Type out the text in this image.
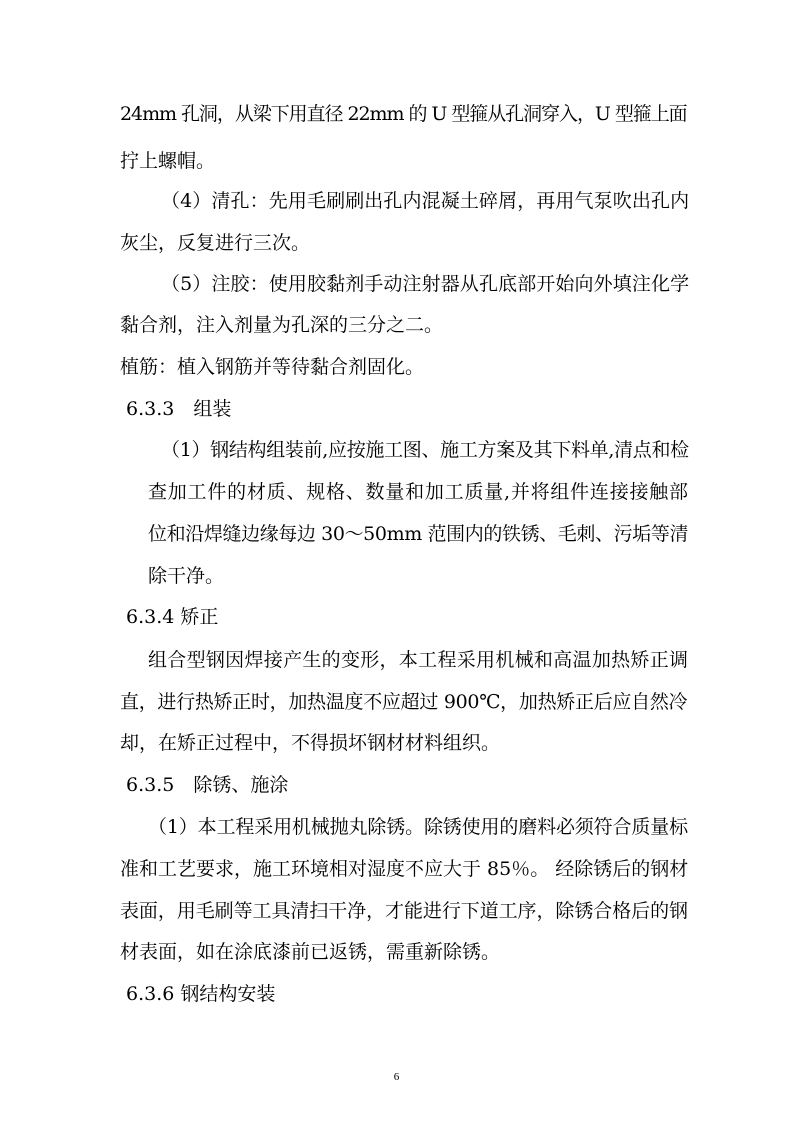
24mm 孔洞，从梁下用直径 22mm 的 U 型箍从孔洞穿入，U 型箍上面
拧上螺帽。
（4）清孔：先用毛刷刷出孔内混凝土碎屑，再用气泵吹出孔内
灰尘，反复进行三次。
（5）注胶：使用胶黏剂手动注射器从孔底部开始向外填注化学
黏合剂，注入剂量为孔深的三分之二。
植筋：植入钢筋并等待黏合剂固化。
6.3.3　组装
（1）钢结构组装前,应按施工图、施工方案及其下料单,清点和检
查加工件的材质、规格、数量和加工质量,并将组件连接接触部
位和沿焊缝边缘每边 30～50mm 范围内的铁锈、毛刺、污垢等清
除干净。
6.3.4 矫正
组合型钢因焊接产生的变形，本工程采用机械和高温加热矫正调
直，进行热矫正时，加热温度不应超过 900℃，加热矫正后应自然冷
却，在矫正过程中，不得损坏钢材材料组织。
6.3.5　除锈、施涂
（1）本工程采用机械抛丸除锈。除锈使用的磨料必须符合质量标
准和工艺要求，施工环境相对湿度不应大于 85％。 经除锈后的钢材
表面，用毛刷等工具清扫干净，才能进行下道工序，除锈合格后的钢
材表面，如在涂底漆前已返锈，需重新除锈。
6.3.6 钢结构安装
6
